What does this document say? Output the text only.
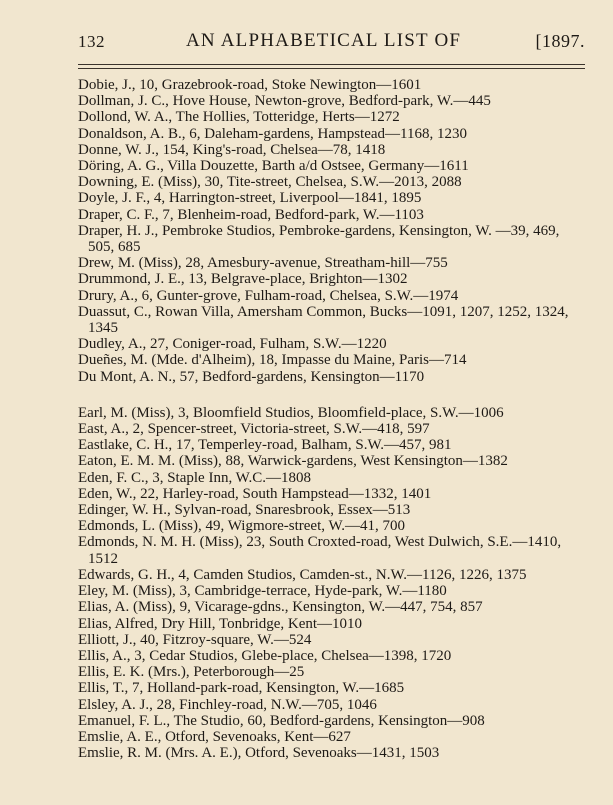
132	AN ALPHABETICAL LIST OF	[1897.
Dobie, J., 10, Grazebrook-road, Stoke Newington—1601
Dollman, J. C., Hove House, Newton-grove, Bedford-park, W.—445
Dollond, W. A., The Hollies, Totteridge, Herts—1272
Donaldson, A. B., 6, Daleham-gardens, Hampstead—1168, 1230
Donne, W. J., 154, King's-road, Chelsea—78, 1418
Döring, A. G., Villa Douzette, Barth a/d Ostsee, Germany—1611
Downing, E. (Miss), 30, Tite-street, Chelsea, S.W.—2013, 2088
Doyle, J. F., 4, Harrington-street, Liverpool—1841, 1895
Draper, C. F., 7, Blenheim-road, Bedford-park, W.—1103
Draper, H. J., Pembroke Studios, Pembroke-gardens, Kensington, W. —39, 469, 505, 685
Drew, M. (Miss), 28, Amesbury-avenue, Streatham-hill—755
Drummond, J. E., 13, Belgrave-place, Brighton—1302
Drury, A., 6, Gunter-grove, Fulham-road, Chelsea, S.W.—1974
Duassut, C., Rowan Villa, Amersham Common, Bucks—1091, 1207, 1252, 1324, 1345
Dudley, A., 27, Coniger-road, Fulham, S.W.—1220
Dueñes, M. (Mde. d'Alheim), 18, Impasse du Maine, Paris—714
Du Mont, A. N., 57, Bedford-gardens, Kensington—1170
Earl, M. (Miss), 3, Bloomfield Studios, Bloomfield-place, S.W.—1006
East, A., 2, Spencer-street, Victoria-street, S.W.—418, 597
Eastlake, C. H., 17, Temperley-road, Balham, S.W.—457, 981
Eaton, E. M. M. (Miss), 88, Warwick-gardens, West Kensington—1382
Eden, F. C., 3, Staple Inn, W.C.—1808
Eden, W., 22, Harley-road, South Hampstead—1332, 1401
Edinger, W. H., Sylvan-road, Snaresbrook, Essex—513
Edmonds, L. (Miss), 49, Wigmore-street, W.—41, 700
Edmonds, N. M. H. (Miss), 23, South Croxted-road, West Dulwich, S.E.—1410, 1512
Edwards, G. H., 4, Camden Studios, Camden-st., N.W.—1126, 1226, 1375
Eley, M. (Miss), 3, Cambridge-terrace, Hyde-park, W.—1180
Elias, A. (Miss), 9, Vicarage-gdns., Kensington, W.—447, 754, 857
Elias, Alfred, Dry Hill, Tonbridge, Kent—1010
Elliott, J., 40, Fitzroy-square, W.—524
Ellis, A., 3, Cedar Studios, Glebe-place, Chelsea—1398, 1720
Ellis, E. K. (Mrs.), Peterborough—25
Ellis, T., 7, Holland-park-road, Kensington, W.—1685
Elsley, A. J., 28, Finchley-road, N.W.—705, 1046
Emanuel, F. L., The Studio, 60, Bedford-gardens, Kensington—908
Emslie, A. E., Otford, Sevenoaks, Kent—627
Emslie, R. M. (Mrs. A. E.), Otford, Sevenoaks—1431, 1503
